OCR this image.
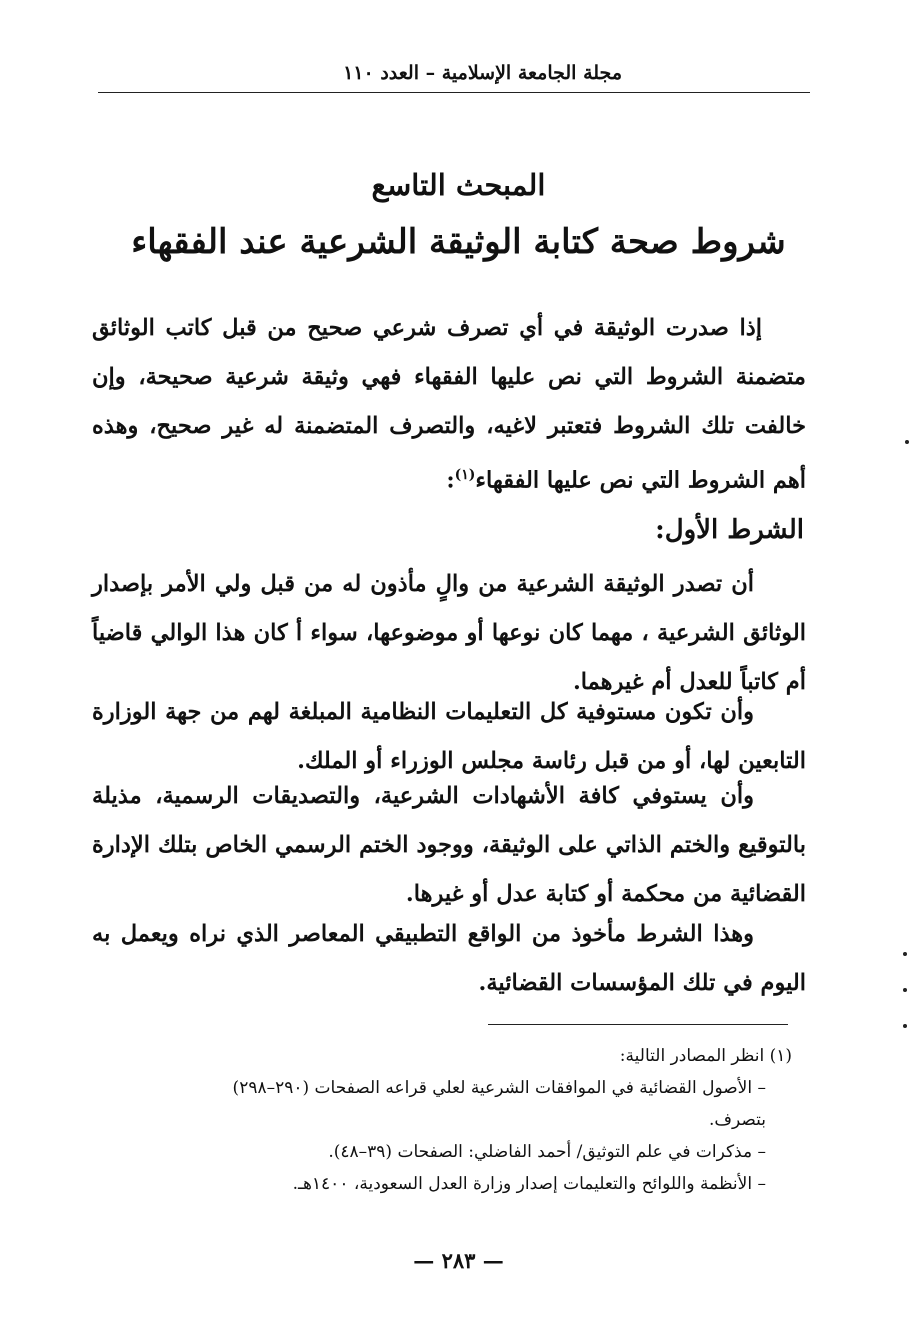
مجلة الجامعة الإسلامية – العدد ١١٠
المبحث التاسع
شروط صحة كتابة الوثيقة الشرعية عند الفقهاء

إذا صدرت الوثيقة في أي تصرف شرعي صحيح من قبل كاتب الوثائق متضمنة الشروط التي نص عليها الفقهاء فهي وثيقة شرعية صحيحة، وإن خالفت تلك الشروط فتعتبر لاغيه، والتصرف المتضمنة له غير صحيح، وهذه أهم الشروط التي نص عليها الفقهاء$^{(١)}$:

الشرط الأول:

أن تصدر الوثيقة الشرعية من والٍ مأذون له من قبل ولي الأمر بإصدار الوثائق الشرعية ، مهما كان نوعها أو موضوعها، سواء أ كان هذا الوالي قاضياً أم كاتباً للعدل أم غيرهما.

وأن تكون مستوفية كل التعليمات النظامية المبلغة لهم من جهة الوزارة التابعين لها، أو من قبل رئاسة مجلس الوزراء أو الملك.

وأن يستوفي كافة الأشهادات الشرعية، والتصديقات الرسمية، مذيلة بالتوقيع والختم الذاتي على الوثيقة، ووجود الختم الرسمي الخاص بتلك الإدارة القضائية من محكمة أو كتابة عدل أو غيرها.

وهذا الشرط مأخوذ من الواقع التطبيقي المعاصر الذي نراه ويعمل به اليوم في تلك المؤسسات القضائية.

(١) انظر المصادر التالية:
– الأصول القضائية في الموافقات الشرعية لعلي قراعه الصفحات (٢٩٠–٢٩٨)
بتصرف.
– مذكرات في علم التوثيق/ أحمد الفاضلي: الصفحات (٣٩–٤٨).
– الأنظمة واللوائح والتعليمات إصدار وزارة العدل السعودية، ١٤٠٠هـ.
— ٢٨٣ —
